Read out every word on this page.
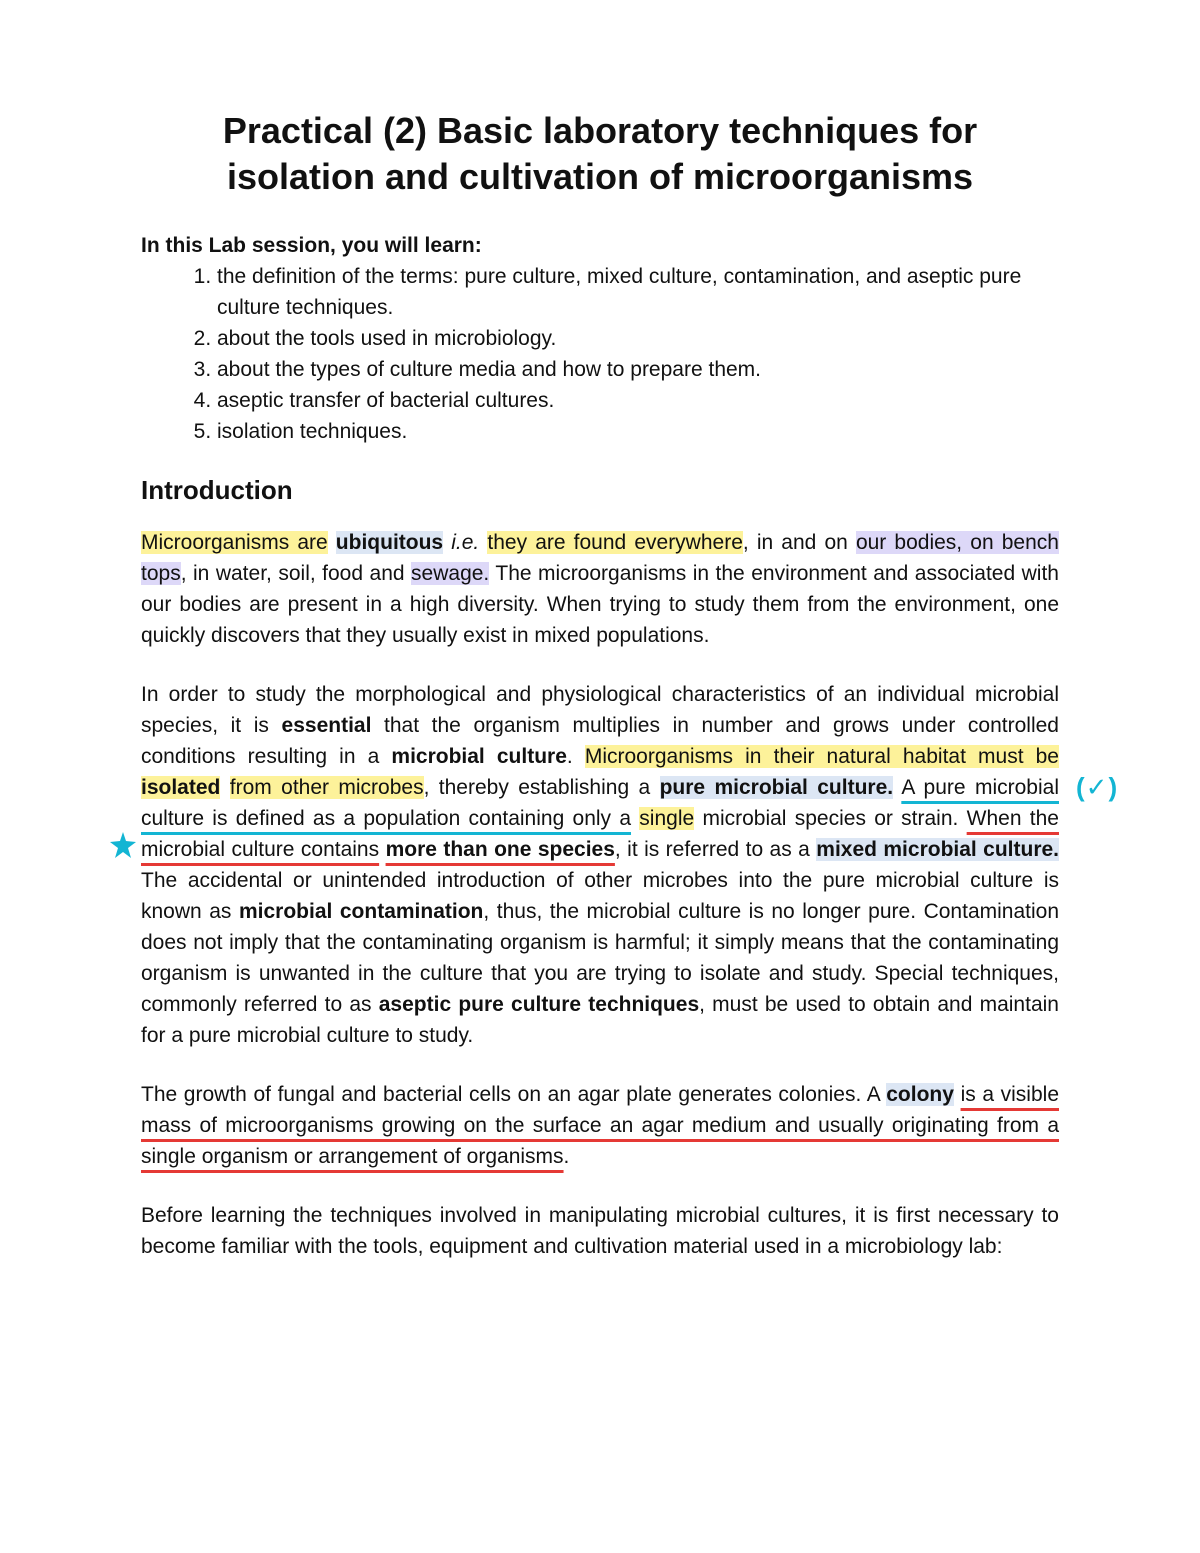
Practical (2) Basic laboratory techniques for
isolation and cultivation of microorganisms
In this Lab session, you will learn:
1. the definition of the terms: pure culture, mixed culture, contamination, and aseptic pure culture techniques.
2. about the tools used in microbiology.
3. about the types of culture media and how to prepare them.
4. aseptic transfer of bacterial cultures.
5. isolation techniques.
Introduction

Microorganisms are ubiquitous i.e. they are found everywhere, in and on our bodies, on bench tops, in water, soil, food and sewage. The microorganisms in the environment and associated with our bodies are present in a high diversity. When trying to study them from the environment, one quickly discovers that they usually exist in mixed populations.

In order to study the morphological and physiological characteristics of an individual microbial species, it is essential that the organism multiplies in number and grows under controlled conditions resulting in a microbial culture. Microorganisms in their natural habitat must be isolated from other microbes, thereby establishing a pure microbial culture. A pure microbial culture is defined as a population containing only a single microbial species or strain. When the microbial culture contains more than one species, it is referred to as a mixed microbial culture. The accidental or unintended introduction of other microbes into the pure microbial culture is known as microbial contamination, thus, the microbial culture is no longer pure. Contamination does not imply that the contaminating organism is harmful; it simply means that the contaminating organism is unwanted in the culture that you are trying to isolate and study. Special techniques, commonly referred to as aseptic pure culture techniques, must be used to obtain and maintain for a pure microbial culture to study.

The growth of fungal and bacterial cells on an agar plate generates colonies. A colony is a visible mass of microorganisms growing on the surface an agar medium and usually originating from a single organism or arrangement of organisms.

Before learning the techniques involved in manipulating microbial cultures, it is first necessary to become familiar with the tools, equipment and cultivation material used in a microbiology lab:

(✓)
